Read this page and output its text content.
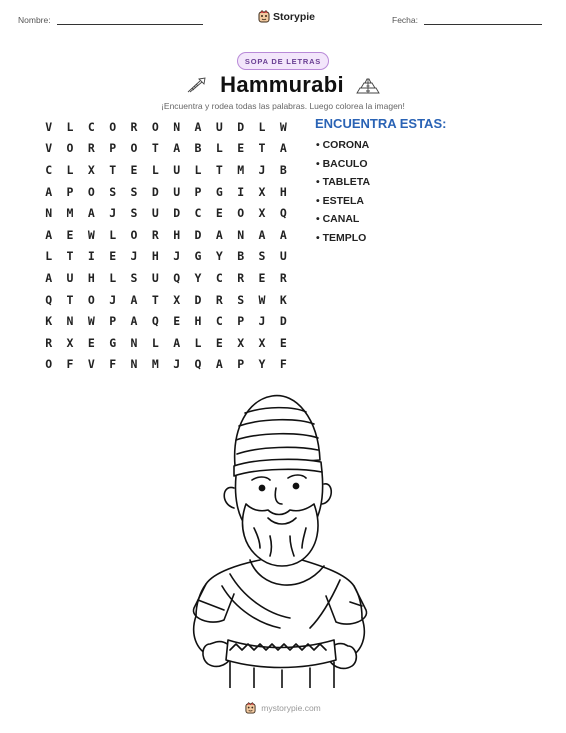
Nombre:	Storypie	Fecha:
SOPA DE LETRAS
Hammurabi
¡Encuentra y rodea todas las palabras. Luego colorea la imagen!
V	L	C	O	R	O	N	A	U	D	L	W
V	O	R	P	O	T	A	B	L	E	T	A
C	L	X	T	E	L	U	L	T	M	J	B
A	P	O	S	S	D	U	P	G	I	X	H
N	M	A	J	S	U	D	C	E	O	X	Q
A	E	W	L	O	R	H	D	A	N	A	A
L	T	I	E	J	H	J	G	Y	B	S	U
A	U	H	L	S	U	Q	Y	C	R	E	R
Q	T	O	J	A	T	X	D	R	S	W	K
K	N	W	P	A	Q	E	H	C	P	J	D
R	X	E	G	N	L	A	L	E	X	X	E
O	F	V	F	N	M	J	Q	A	P	Y	F
ENCUENTRA ESTAS:
• CORONA
• BACULO
• TABLETA
• ESTELA
• CANAL
• TEMPLO
mystorypie.com
